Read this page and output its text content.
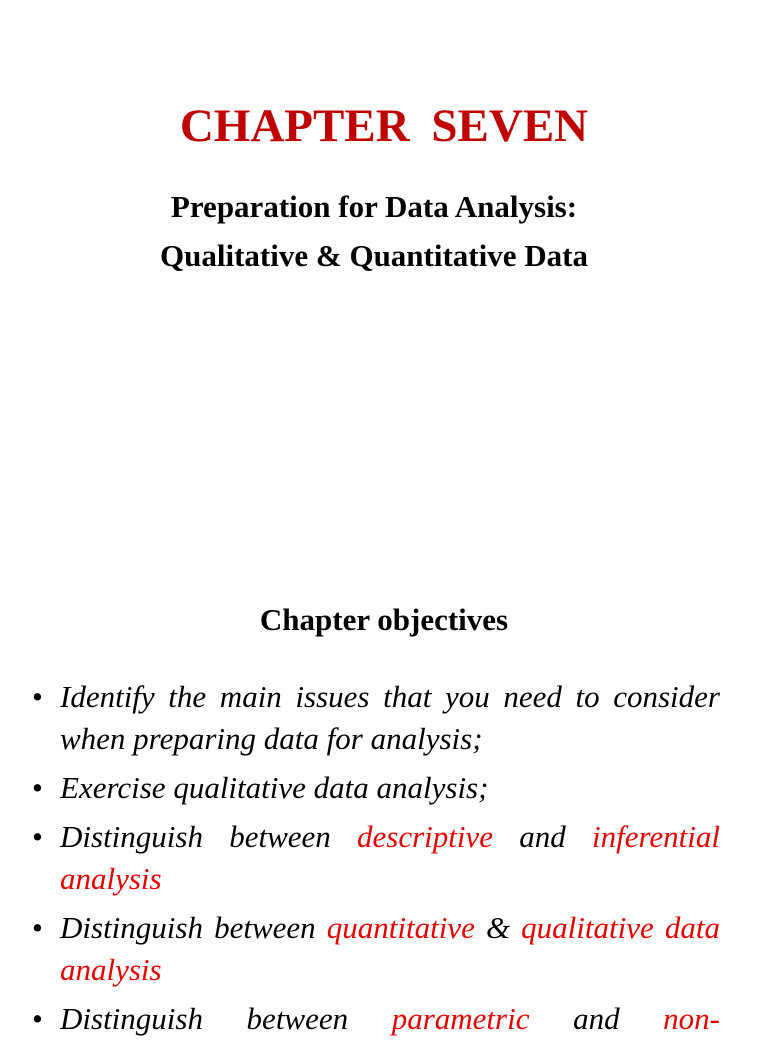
CHAPTER SEVEN

Preparation for Data Analysis:

Qualitative & Quantitative Data

Chapter objectives
• Identify the main issues that you need to consider when preparing data for analysis;
• Exercise qualitative data analysis;
• Distinguish between descriptive and inferential analysis
• Distinguish between quantitative & qualitative data analysis
• Distinguish between parametric and non-
